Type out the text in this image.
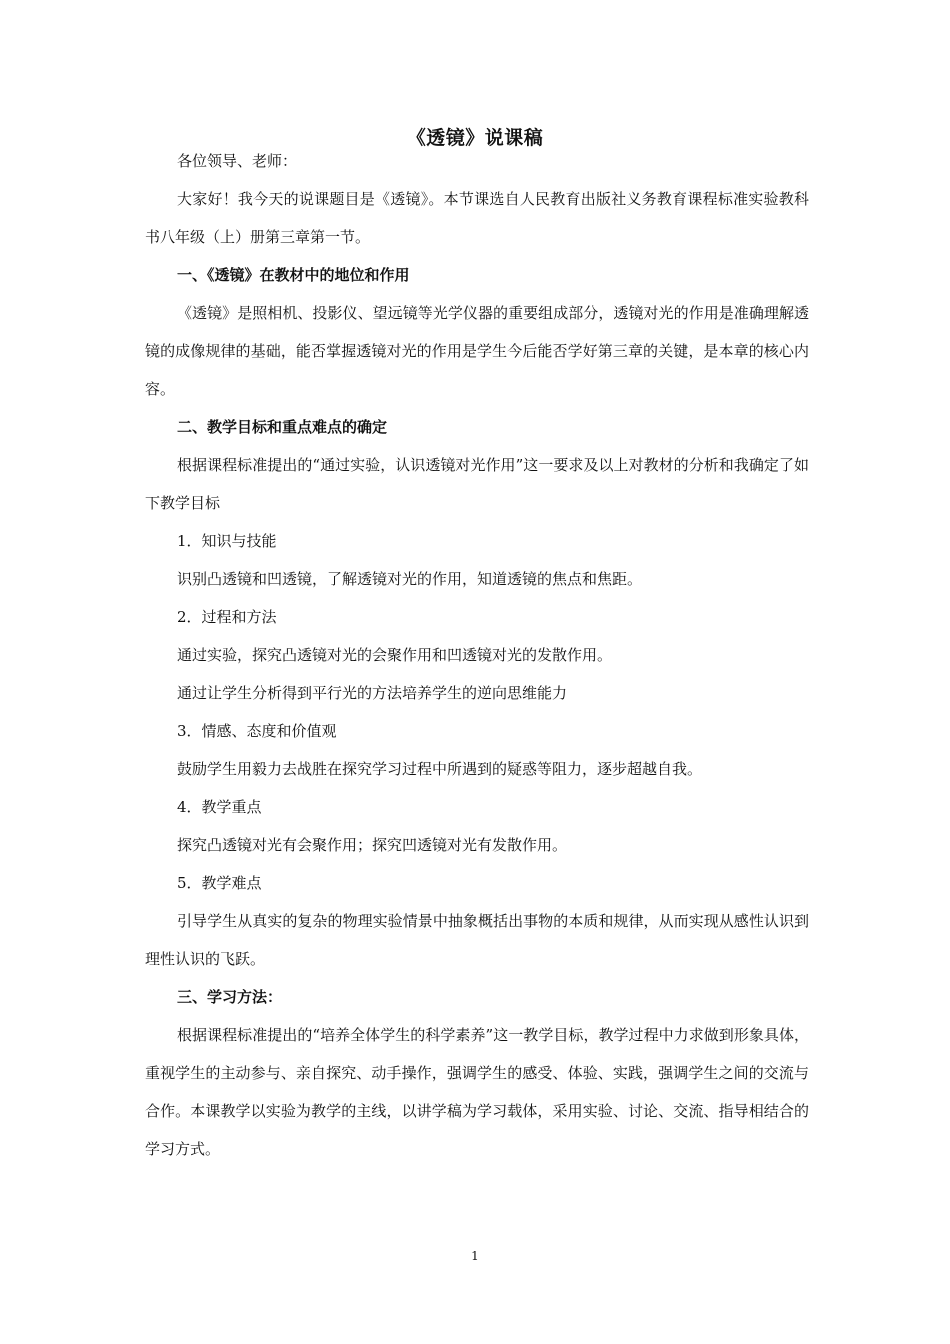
《透镜》说课稿

各位领导、老师：

大家好！我今天的说课题目是《透镜》。本节课选自人民教育出版社义务教育课程标准实验教科书八年级（上）册第三章第一节。

一、《透镜》在教材中的地位和作用

《透镜》是照相机、投影仪、望远镜等光学仪器的重要组成部分，透镜对光的作用是准确理解透镜的成像规律的基础，能否掌握透镜对光的作用是学生今后能否学好第三章的关键，是本章的核心内容。

二、教学目标和重点难点的确定

根据课程标准提出的“通过实验，认识透镜对光作用”这一要求及以上对教材的分析和我确定了如下教学目标

1．知识与技能

识别凸透镜和凹透镜，了解透镜对光的作用，知道透镜的焦点和焦距。

2．过程和方法

通过实验，探究凸透镜对光的会聚作用和凹透镜对光的发散作用。

通过让学生分析得到平行光的方法培养学生的逆向思维能力

3．情感、态度和价值观

鼓励学生用毅力去战胜在探究学习过程中所遇到的疑惑等阻力，逐步超越自我。

4．教学重点

探究凸透镜对光有会聚作用；探究凹透镜对光有发散作用。

5．教学难点

引导学生从真实的复杂的物理实验情景中抽象概括出事物的本质和规律，从而实现从感性认识到理性认识的飞跃。

三、学习方法：

根据课程标准提出的“培养全体学生的科学素养”这一教学目标，教学过程中力求做到形象具体，重视学生的主动参与、亲自探究、动手操作，强调学生的感受、体验、实践，强调学生之间的交流与合作。本课教学以实验为教学的主线，以讲学稿为学习载体，采用实验、讨论、交流、指导相结合的学习方式。

1
